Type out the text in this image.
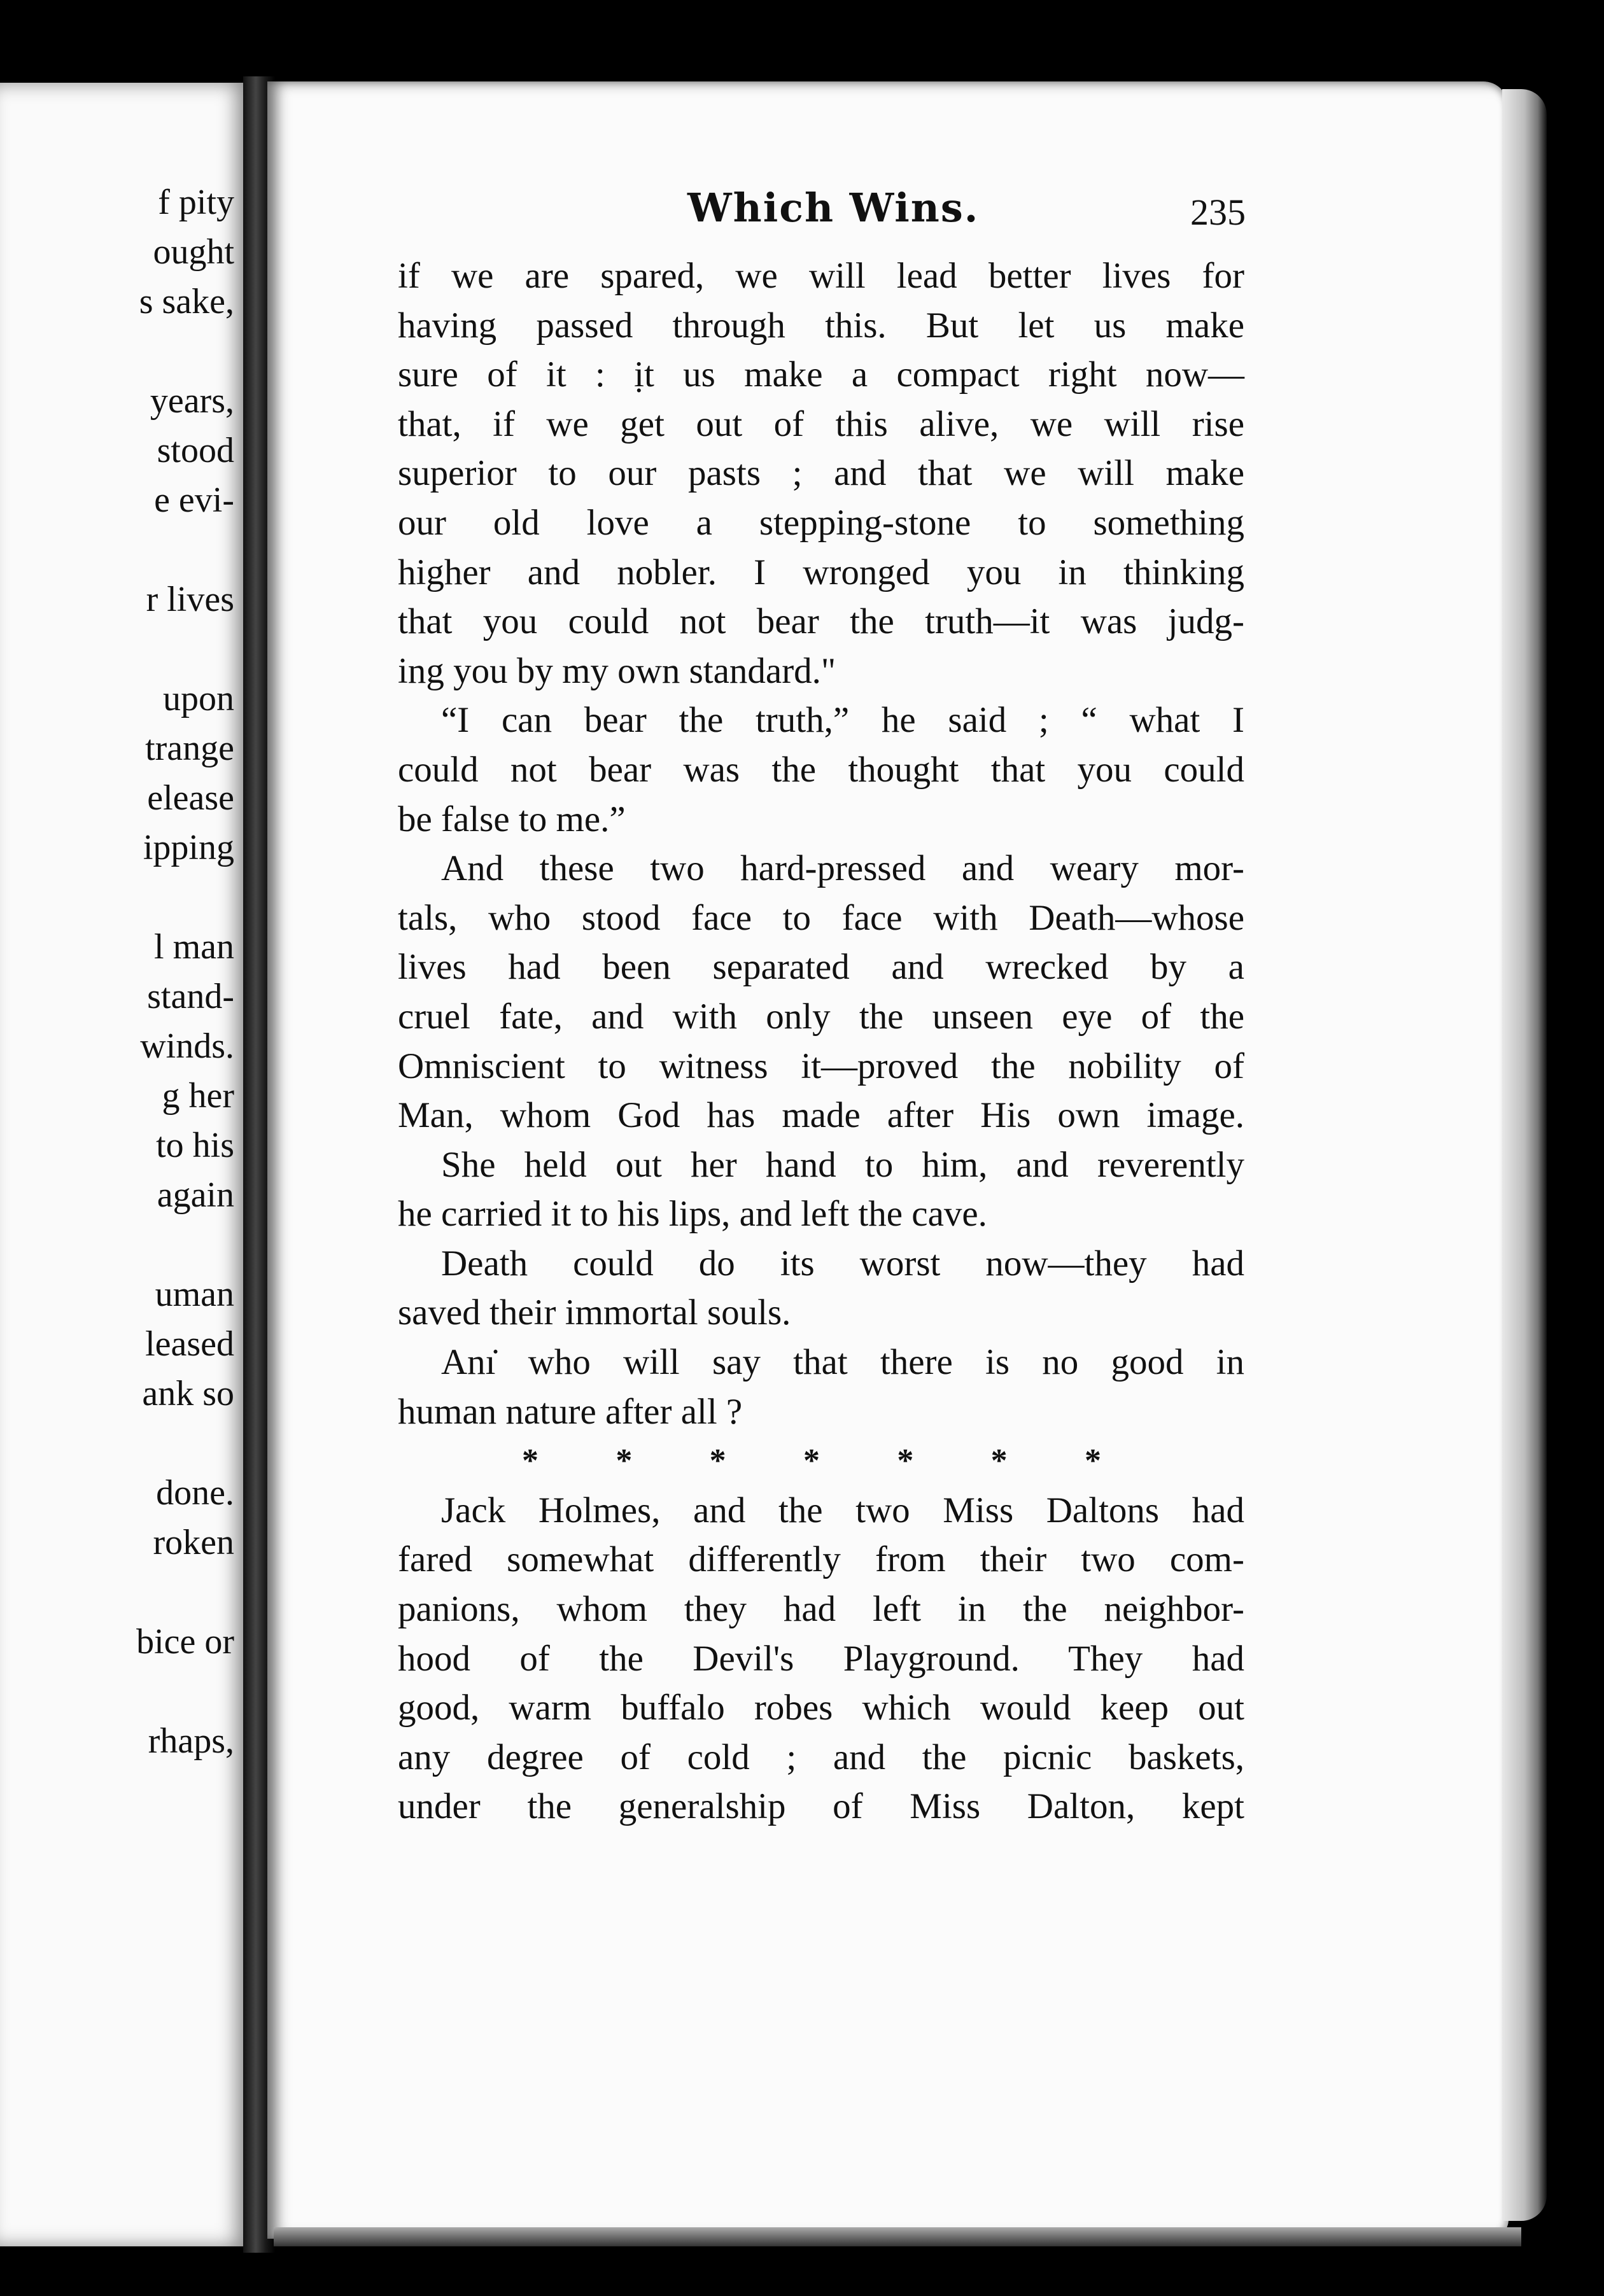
f pity
ought
s sake,
years,
stood
e evi-
r lives
upon
trange
elease
ipping
l man
stand-
winds.
g her
to his
again
uman
leased
ank so
done.
roken
bice or
rhaps,
Which Wins.	235
if we are spared, we will lead better lives for
having passed through this. But let us make
sure of it : ịt us make a compact right now—
that, if we get out of this alive, we will rise
superior to our pasts ; and that we will make
our old love a stepping-stone to something
higher and nobler. I wronged you in thinking
that you could not bear the truth—it was judg-
ing you by my own standard."
“I can bear the truth,” he said ; “ what I
could not bear was the thought that you could
be false to me.”
And these two hard-pressed and weary mor-
tals, who stood face to face with Death—whose
lives had been separated and wrecked by a
cruel fate, and with only the unseen eye of the
Omniscient to witness it—proved the nobility of
Man, whom God has made after His own image.
She held out her hand to him, and reverently
he carried it to his lips, and left the cave.
Death could do its worst now—they had
saved their immortal souls.
Anı̇ who will say that there is no good in
human nature after all ?
* * * * * * *
Jack Holmes, and the two Miss Daltons had
fared somewhat differently from their two com-
panions, whom they had left in the neighbor-
hood of the Devil's Playground. They had
good, warm buffalo robes which would keep out
any degree of cold ; and the picnic baskets,
under the generalship of Miss Dalton, kept
